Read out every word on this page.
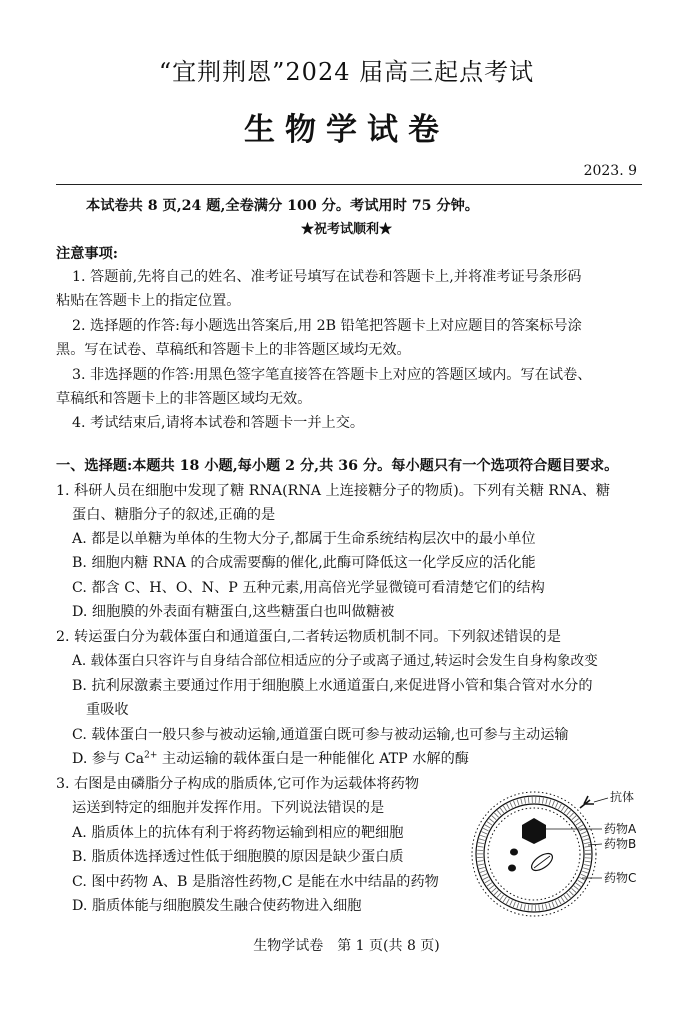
“宜荆荆恩”2024 届高三起点考试
生物学试卷
2023. 9
本试卷共 8 页,24 题,全卷满分 100 分。考试用时 75 分钟。
★祝考试顺利★
注意事项:
1. 答题前,先将自己的姓名、准考证号填写在试卷和答题卡上,并将准考证号条形码
粘贴在答题卡上的指定位置。
2. 选择题的作答:每小题选出答案后,用 2B 铅笔把答题卡上对应题目的答案标号涂
黑。写在试卷、草稿纸和答题卡上的非答题区域均无效。
3. 非选择题的作答:用黑色签字笔直接答在答题卡上对应的答题区域内。写在试卷、
草稿纸和答题卡上的非答题区域均无效。
4. 考试结束后,请将本试卷和答题卡一并上交。
一、选择题:本题共 18 小题,每小题 2 分,共 36 分。每小题只有一个选项符合题目要求。
1. 科研人员在细胞中发现了糖 RNA(RNA 上连接糖分子的物质)。下列有关糖 RNA、糖
蛋白、糖脂分子的叙述,正确的是
A. 都是以单糖为单体的生物大分子,都属于生命系统结构层次中的最小单位
B. 细胞内糖 RNA 的合成需要酶的催化,此酶可降低这一化学反应的活化能
C. 都含 C、H、O、N、P 五种元素,用高倍光学显微镜可看清楚它们的结构
D. 细胞膜的外表面有糖蛋白,这些糖蛋白也叫做糖被
2. 转运蛋白分为载体蛋白和通道蛋白,二者转运物质机制不同。下列叙述错误的是
A. 载体蛋白只容许与自身结合部位相适应的分子或离子通过,转运时会发生自身构象改变
B. 抗利尿激素主要通过作用于细胞膜上水通道蛋白,来促进肾小管和集合管对水分的
重吸收
C. 载体蛋白一般只参与被动运输,通道蛋白既可参与被动运输,也可参与主动运输
D. 参与 $Ca^{2+}$ 主动运输的载体蛋白是一种能催化 ATP 水解的酶
3. 右图是由磷脂分子构成的脂质体,它可作为运载体将药物
运送到特定的细胞并发挥作用。下列说法错误的是
A. 脂质体上的抗体有利于将药物运输到相应的靶细胞
B. 脂质体选择透过性低于细胞膜的原因是缺少蛋白质
C. 图中药物 A、B 是脂溶性药物,C 是能在水中结晶的药物
D. 脂质体能与细胞膜发生融合使药物进入细胞
抗体
药物A
药物B
药物C
生物学试卷　第 1 页(共 8 页)
